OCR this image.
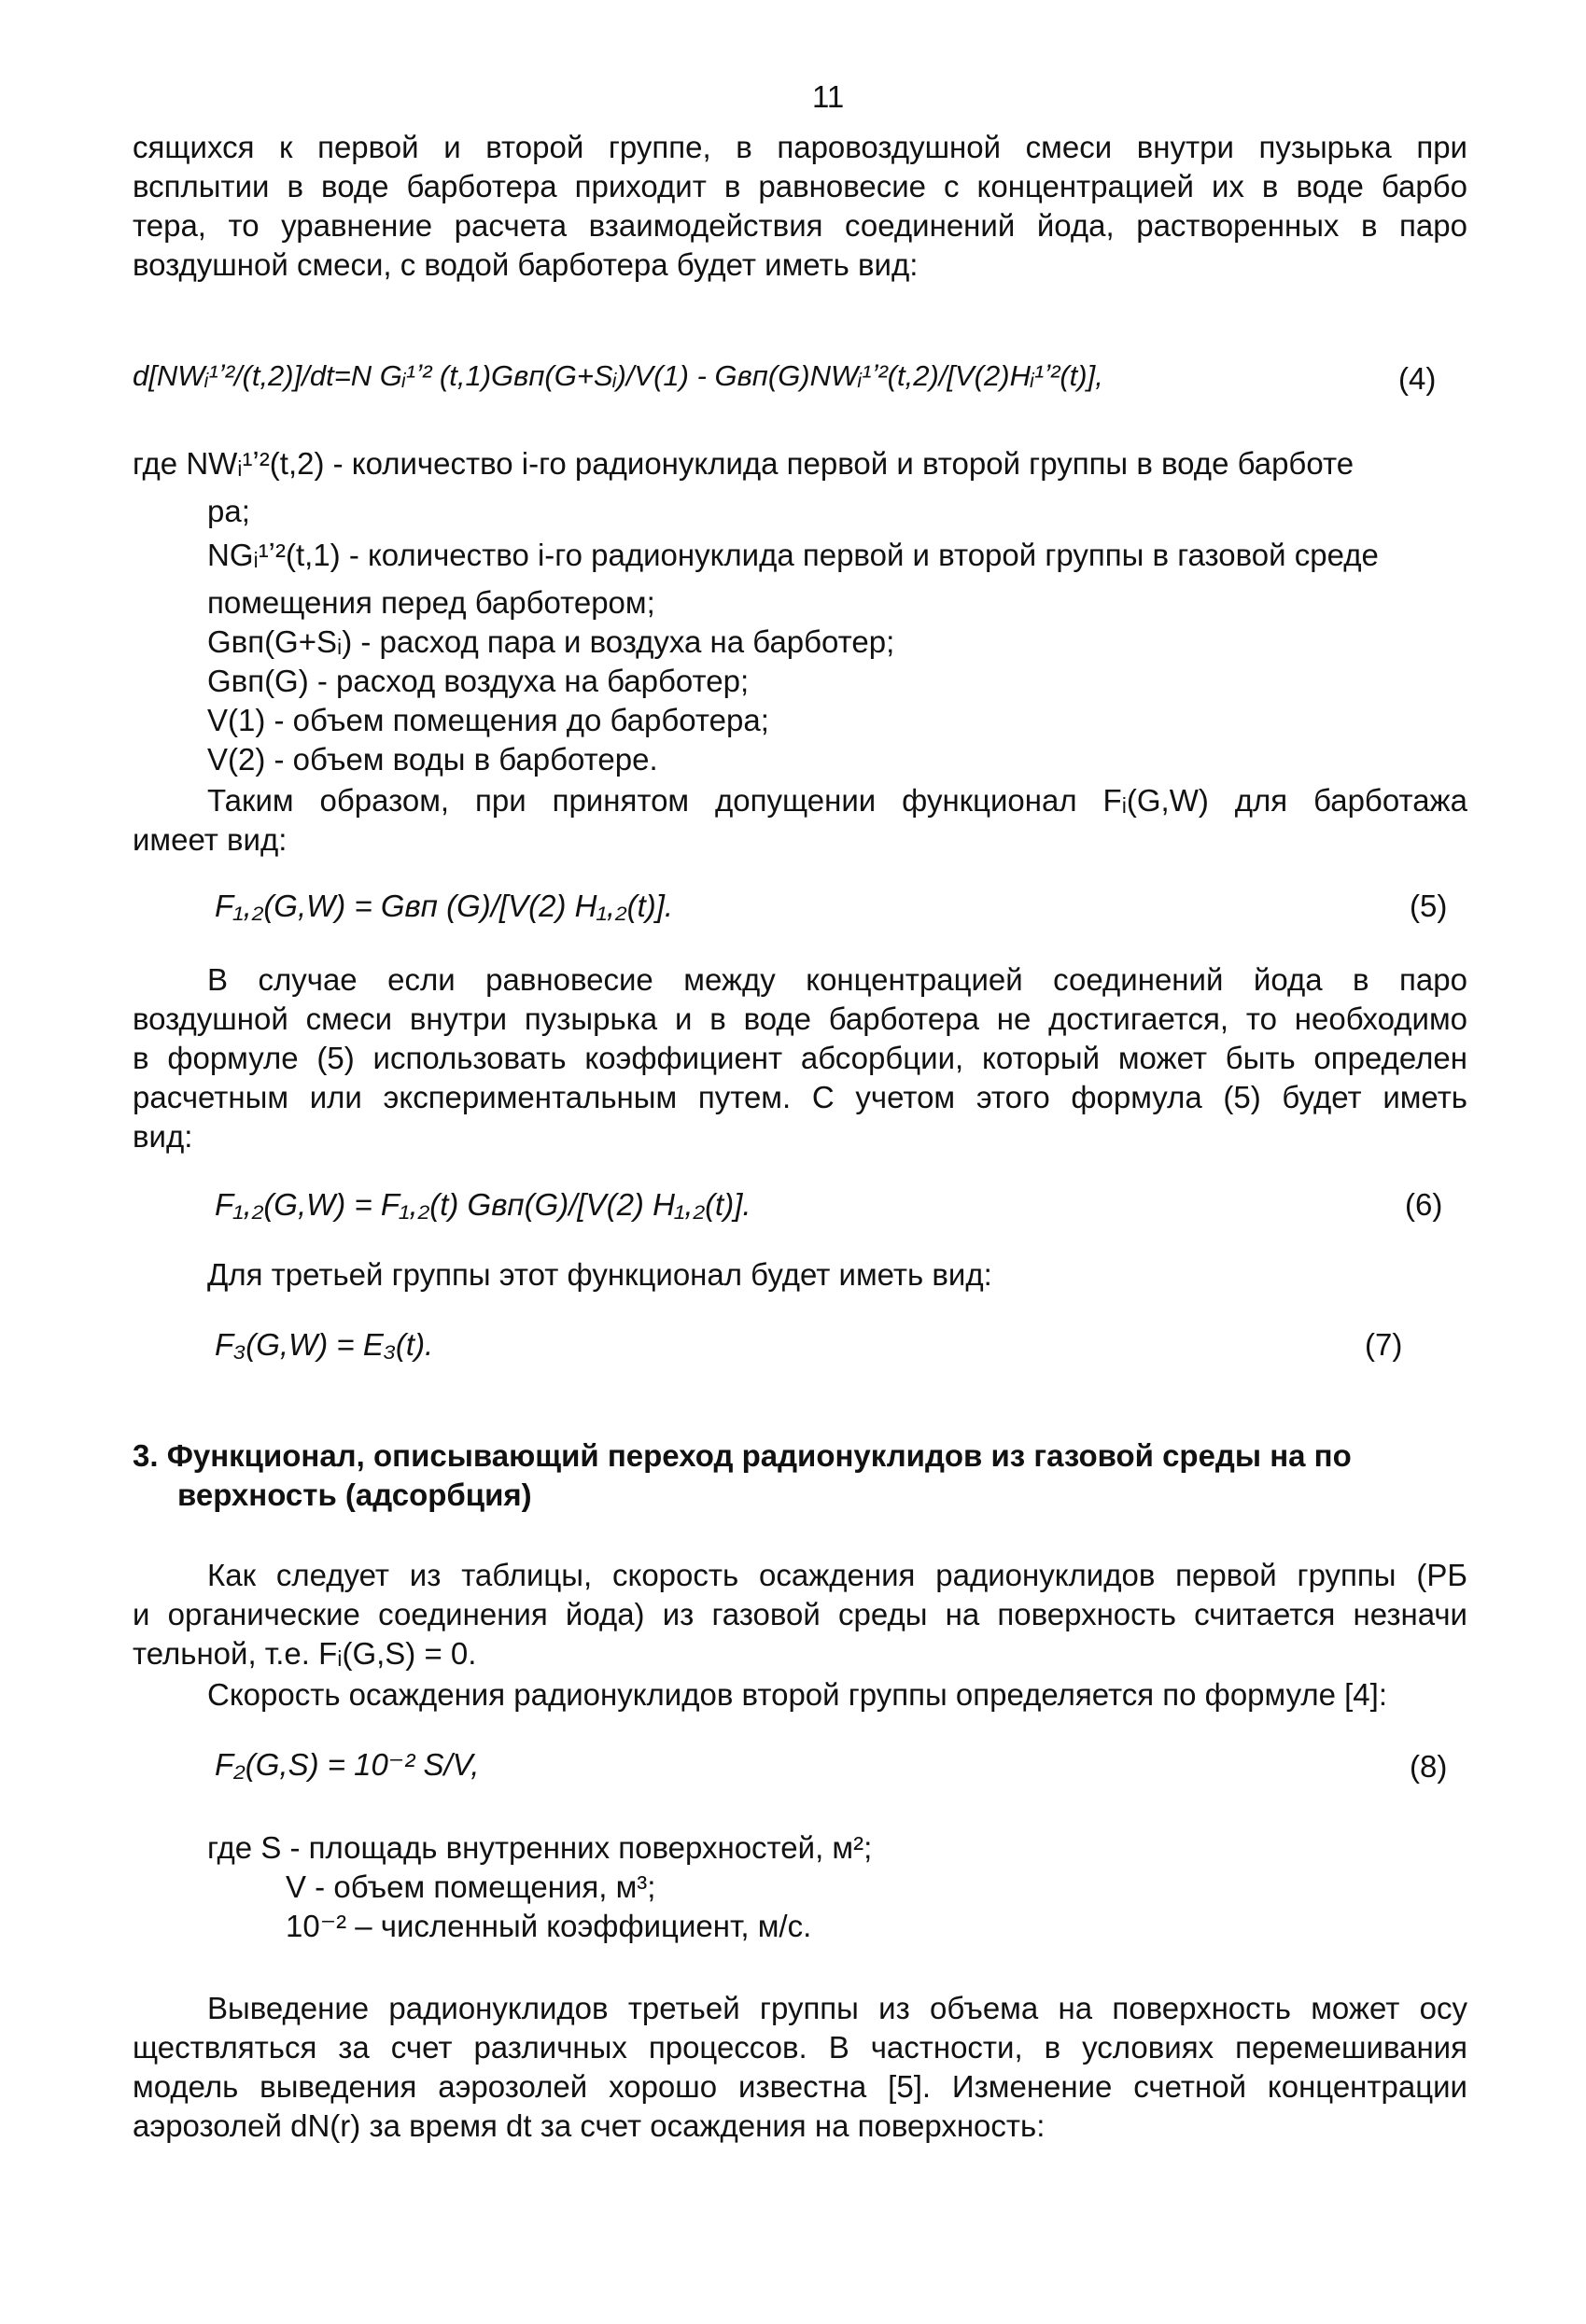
11
сящихся к первой и второй группе, в паровоздушной смеси внутри пузырька при
всплытии в воде барботера приходит в равновесие с концентрацией их в воде барбо
тера, то уравнение расчета взаимодействия соединений йода, растворенных в паро
воздушной смеси, с водой барботера будет иметь вид:
d[NWᵢ¹ʼ²/(t,2)]/dt=N Gᵢ¹ʼ² (t,1)Gвп(G+Sᵢ)/V(1) - Gвп(G)NWᵢ¹ʼ²(t,2)/[V(2)Hᵢ¹ʼ²(t)],	(4)
где NWᵢ¹ʼ²(t,2) - количество i-го радионуклида первой и второй группы в воде барботе
ра;
NGᵢ¹ʼ²(t,1) - количество i-го радионуклида первой и второй группы в газовой среде
помещения перед барботером;
Gвп(G+Sᵢ) - расход пара и воздуха на барботер;
Gвп(G) - расход воздуха на барботер;
V(1) - объем помещения до барботера;
V(2) - объем воды в барботере.
Таким образом, при принятом допущении функционал Fᵢ(G,W) для барботажа
имеет вид:
F₁,₂(G,W) = Gвп (G)/[V(2) H₁,₂(t)].	(5)
В случае если равновесие между концентрацией соединений йода в паро
воздушной смеси внутри пузырька и в воде барботера не достигается, то необходимо
в формуле (5) использовать коэффициент абсорбции, который может быть определен
расчетным или экспериментальным путем. С учетом этого формула (5) будет иметь
вид:
F₁,₂(G,W) = F₁,₂(t) Gвп(G)/[V(2) H₁,₂(t)].	(6)
Для третьей группы этот функционал будет иметь вид:
F₃(G,W) = E₃(t).	(7)
3. Функционал, описывающий переход радионуклидов из газовой среды на по
верхность (адсорбция)
Как следует из таблицы, скорость осаждения радионуклидов первой группы (РБ
и органические соединения йода) из газовой среды на поверхность считается незначи
тельной, т.е. Fᵢ(G,S) = 0.
Скорость осаждения радионуклидов второй группы определяется по формуле [4]:
F₂(G,S) = 10⁻² S/V,	(8)
где S - площадь внутренних поверхностей, м²;
V - объем помещения, м³;
10⁻² – численный коэффициент, м/с.
Выведение радионуклидов третьей группы из объема на поверхность может осу
ществляться за счет различных процессов. В частности, в условиях перемешивания
модель выведения аэрозолей хорошо известна [5]. Изменение счетной концентрации
аэрозолей dN(r) за время dt за счет осаждения на поверхность:
